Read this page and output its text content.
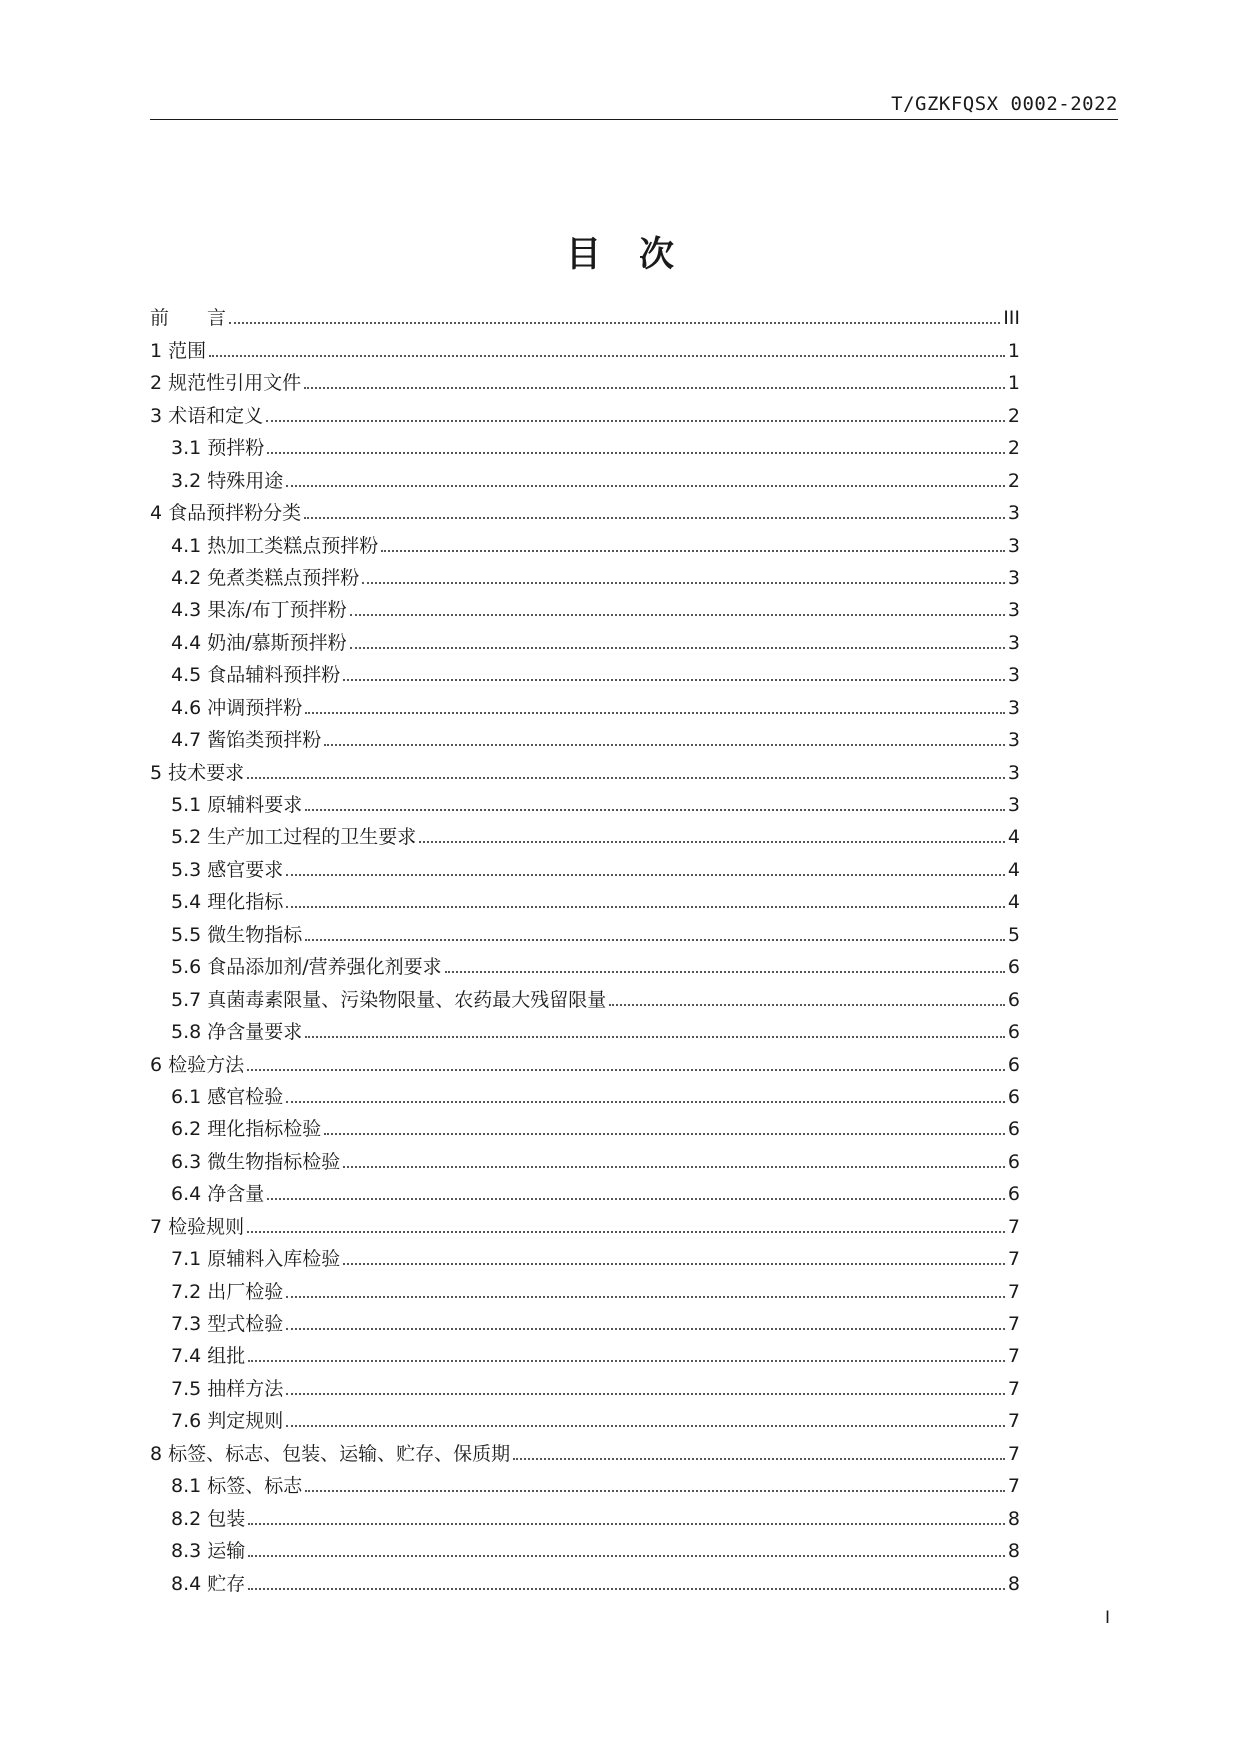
T/GZKFQSX 0002-2022
目次
前　　言	III
1 范围	1
2 规范性引用文件	1
3 术语和定义	2
3.1 预拌粉	2
3.2 特殊用途	2
4 食品预拌粉分类	3
4.1 热加工类糕点预拌粉	3
4.2 免煮类糕点预拌粉	3
4.3 果冻/布丁预拌粉	3
4.4 奶油/慕斯预拌粉	3
4.5 食品辅料预拌粉	3
4.6 冲调预拌粉	3
4.7 酱馅类预拌粉	3
5 技术要求	3
5.1 原辅料要求	3
5.2 生产加工过程的卫生要求	4
5.3 感官要求	4
5.4 理化指标	4
5.5 微生物指标	5
5.6 食品添加剂/营养强化剂要求	6
5.7 真菌毒素限量、污染物限量、农药最大残留限量	6
5.8 净含量要求	6
6 检验方法	6
6.1 感官检验	6
6.2 理化指标检验	6
6.3 微生物指标检验	6
6.4 净含量	6
7 检验规则	7
7.1 原辅料入库检验	7
7.2 出厂检验	7
7.3 型式检验	7
7.4 组批	7
7.5 抽样方法	7
7.6 判定规则	7
8 标签、标志、包装、运输、贮存、保质期	7
8.1 标签、标志	7
8.2 包装	8
8.3 运输	8
8.4 贮存	8
I
